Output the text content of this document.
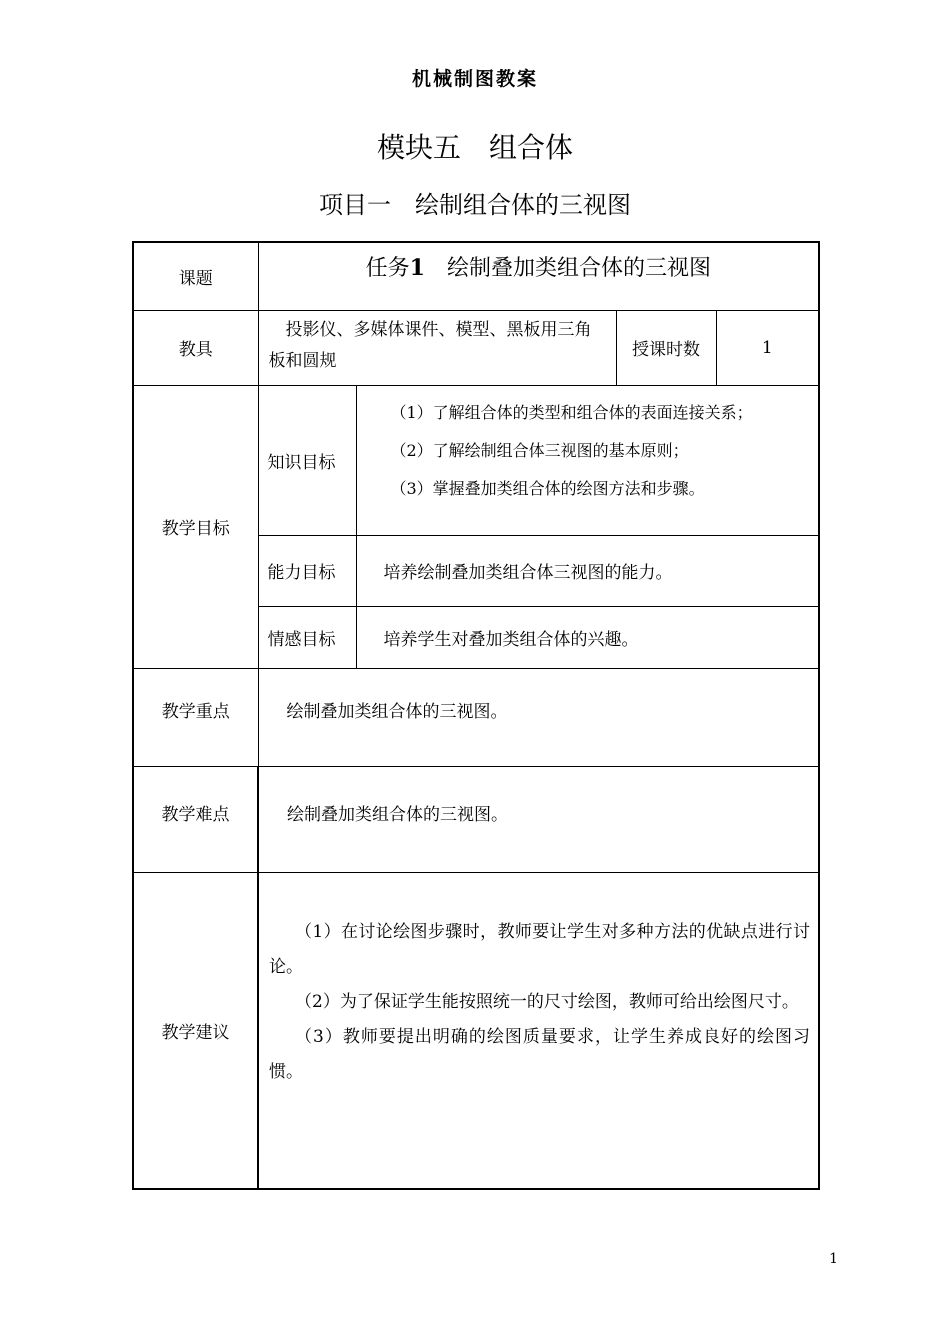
机械制图教案
模块五　组合体
项目一　绘制组合体的三视图
课题	任务1　 绘制叠加类组合体的三视图			
教具	投影仪、多媒体课件、模型、黑板用三角板和圆规		授课时数	1
教学目标	知识目标	（1）了解组合体的类型和组合体的表面连接关系；
（2）了解绘制组合体三视图的基本原则；
（3）掌握叠加类组合体的绘图方法和步骤。		

	能力目标	培养绘制叠加类组合体三视图的能力。		
	情感目标	培养学生对叠加类组合体的兴趣。		
教学重点	绘制叠加类组合体的三视图。			
教学难点	绘制叠加类组合体的三视图。			
教学建议	（1）在讨论绘图步骤时，教师要让学生对多种方法的优缺点进行讨论。
（2）为了保证学生能按照统一的尺寸绘图，教师可给出绘图尺寸。
（3）教师要提出明确的绘图质量要求，让学生养成良好的绘图习惯。			
1
